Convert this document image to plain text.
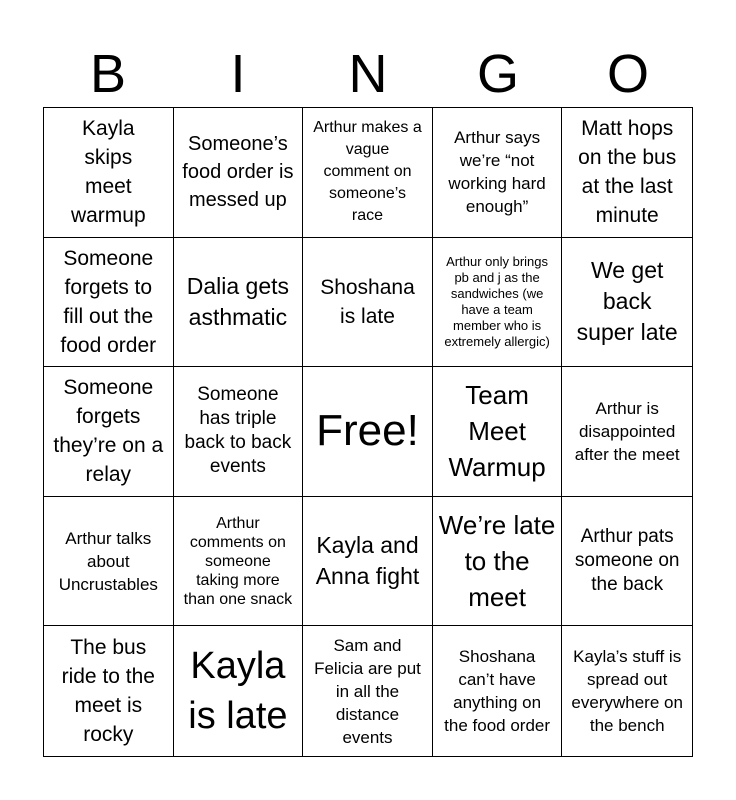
B	I	N	G	O
Kayla skips meet warmup
Someone’s food order is messed up
Arthur makes a vague comment on someone’s race
Arthur says we’re “not working hard enough”
Matt hops on the bus at the last minute
Someone forgets to fill out the food order
Dalia gets asthmatic
Shoshana is late
Arthur only brings pb and j as the sandwiches (we have a team member who is extremely allergic)
We get back super late
Someone forgets they’re on a relay
Someone has triple back to back events
Free!
Team Meet Warmup
Arthur is disappointed after the meet
Arthur talks about Uncrustables
Arthur comments on someone taking more than one snack
Kayla and Anna fight
We’re late to the meet
Arthur pats someone on the back
The bus ride to the meet is rocky
Kayla is late
Sam and Felicia are put in all the distance events
Shoshana can’t have anything on the food order
Kayla’s stuff is spread out everywhere on the bench
